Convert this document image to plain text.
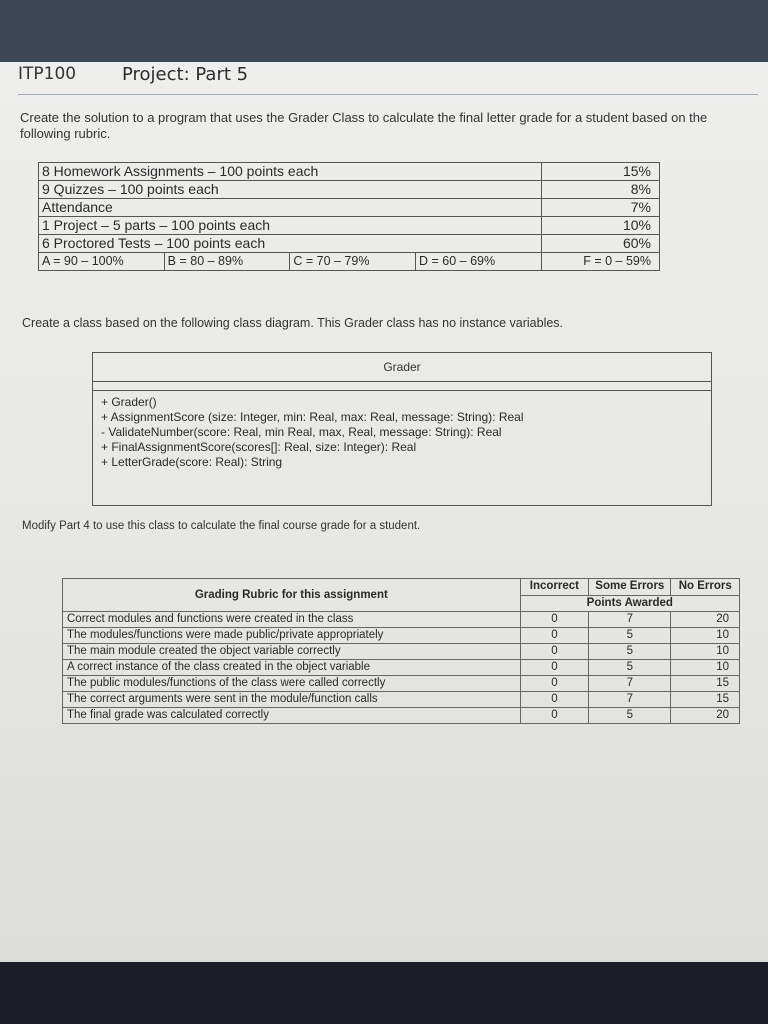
ITP100	Project: Part 5
Create the solution to a program that uses the Grader Class to calculate the final letter grade for a student based on the following rubric.
8 Homework Assignments – 100 points each				15%
9 Quizzes – 100 points each				8%
Attendance				7%
1 Project – 5 parts – 100 points each				10%
6 Proctored Tests – 100 points each				60%
A = 90 – 100%	B = 80 – 89%	C = 70 – 79%	D = 60 – 69%	F = 0 – 59%
Create a class based on the following class diagram. This Grader class has no instance variables.
Grader
+ Grader()
+ AssignmentScore (size: Integer, min: Real, max: Real, message: String): Real
- ValidateNumber(score: Real, min Real, max, Real, message: String): Real
+ FinalAssignmentScore(scores[]: Real, size: Integer): Real
+ LetterGrade(score: Real): String
Modify Part 4 to use this class to calculate the final course grade for a student.
Grading Rubric for this assignment	Incorrect	Some Errors	No Errors
	Points Awarded		
Correct modules and functions were created in the class	0	7	20
The modules/functions were made public/private appropriately	0	5	10
The main module created the object variable correctly	0	5	10
A correct instance of the class created in the object variable	0	5	10
The public modules/functions of the class were called correctly	0	7	15
The correct arguments were sent in the module/function calls	0	7	15
The final grade was calculated correctly	0	5	20
